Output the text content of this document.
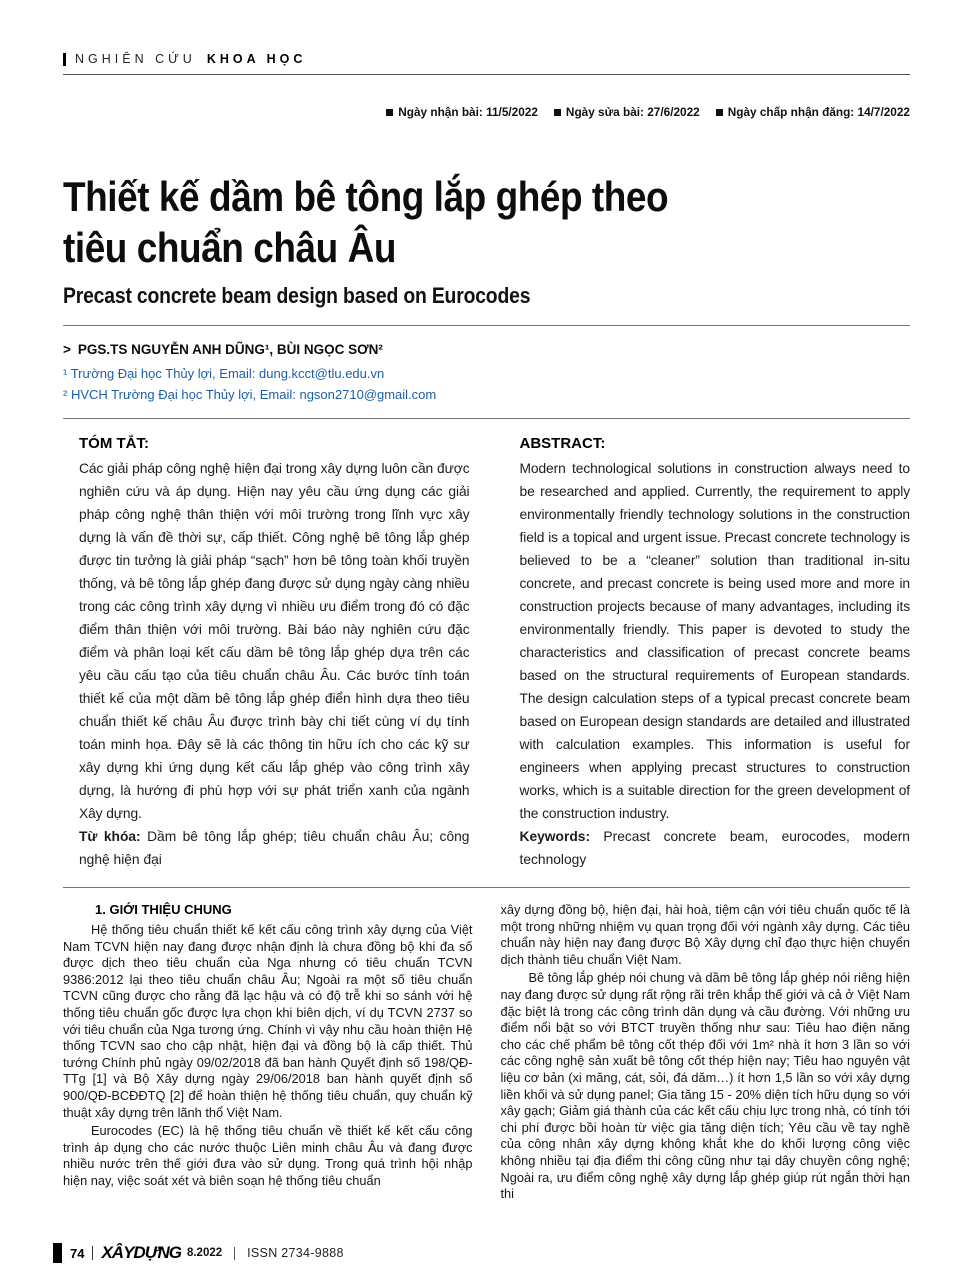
NGHIÊN CỨU KHOA HỌC
Ngày nhận bài: 11/5/2022 Ngày sửa bài: 27/6/2022 Ngày chấp nhận đăng: 14/7/2022
Thiết kế dầm bê tông lắp ghép theo
tiêu chuẩn châu Âu
Precast concrete beam design based on Eurocodes
> PGS.TS NGUYỄN ANH DŨNG¹, BÙI NGỌC SƠN²
¹ Trường Đại học Thủy lợi, Email: dung.kcct@tlu.edu.vn
² HVCH Trường Đại học Thủy lợi, Email: ngson2710@gmail.com
TÓM TẮT:
Các giải pháp công nghệ hiện đại trong xây dựng luôn cần được nghiên cứu và áp dụng. Hiện nay yêu cầu ứng dụng các giải pháp công nghệ thân thiện với môi trường trong lĩnh vực xây dựng là vấn đề thời sự, cấp thiết. Công nghệ bê tông lắp ghép được tin tưởng là giải pháp “sạch” hơn bê tông toàn khối truyền thống, và bê tông lắp ghép đang được sử dụng ngày càng nhiều trong các công trình xây dựng vì nhiều ưu điểm trong đó có đặc điểm thân thiện với môi trường. Bài báo này nghiên cứu đặc điểm và phân loại kết cấu dầm bê tông lắp ghép dựa trên các yêu cầu cấu tạo của tiêu chuẩn châu Âu. Các bước tính toán thiết kế của một dầm bê tông lắp ghép điển hình dựa theo tiêu chuẩn thiết kế châu Âu được trình bày chi tiết cùng ví dụ tính toán minh họa. Đây sẽ là các thông tin hữu ích cho các kỹ sư xây dựng khi ứng dụng kết cấu lắp ghép vào công trình xây dựng, là hướng đi phù hợp với sự phát triển xanh của ngành Xây dựng.
Từ khóa: Dầm bê tông lắp ghép; tiêu chuẩn châu Âu; công nghệ hiện đại
ABSTRACT:
Modern technological solutions in construction always need to be researched and applied. Currently, the requirement to apply environmentally friendly technology solutions in the construction field is a topical and urgent issue. Precast concrete technology is believed to be a “cleaner” solution than traditional in-situ concrete, and precast concrete is being used more and more in construction projects because of many advantages, including its environmentally friendly. This paper is devoted to study the characteristics and classification of precast concrete beams based on the structural requirements of European standards. The design calculation steps of a typical precast concrete beam based on European design standards are detailed and illustrated with calculation examples. This information is useful for engineers when applying precast structures to construction works, which is a suitable direction for the green development of the construction industry.
Keywords: Precast concrete beam, eurocodes, modern technology
1. GIỚI THIỆU CHUNG

Hệ thống tiêu chuẩn thiết kế kết cấu công trình xây dựng của Việt Nam TCVN hiện nay đang được nhận định là chưa đồng bộ khi đa số được dịch theo tiêu chuẩn của Nga nhưng có tiêu chuẩn TCVN 9386:2012 lại theo tiêu chuẩn châu Âu; Ngoài ra một số tiêu chuẩn TCVN cũng được cho rằng đã lạc hậu và có độ trễ khi so sánh với hệ thống tiêu chuẩn gốc được lựa chọn khi biên dịch, ví dụ TCVN 2737 so với tiêu chuẩn của Nga tương ứng. Chính vì vậy nhu cầu hoàn thiện Hệ thống TCVN sao cho cập nhật, hiện đại và đồng bộ là cấp thiết. Thủ tướng Chính phủ ngày 09/02/2018 đã ban hành Quyết định số 198/QĐ-TTg [1] và Bộ Xây dựng ngày 29/06/2018 ban hành quyết định số 900/QĐ-BCĐĐTQ [2] để hoàn thiện hệ thống tiêu chuẩn, quy chuẩn kỹ thuật xây dựng trên lãnh thổ Việt Nam.

Eurocodes (EC) là hệ thống tiêu chuẩn về thiết kế kết cấu công trình áp dụng cho các nước thuộc Liên minh châu Âu và đang được nhiều nước trên thế giới đưa vào sử dụng. Trong quá trình hội nhập hiện nay, việc soát xét và biên soạn hệ thống tiêu chuẩn

xây dựng đồng bộ, hiện đại, hài hoà, tiệm cận với tiêu chuẩn quốc tế là một trong những nhiệm vụ quan trọng đối với ngành xây dựng. Các tiêu chuẩn này hiện nay đang được Bộ Xây dựng chỉ đạo thực hiện chuyển dịch thành tiêu chuẩn Việt Nam.

Bê tông lắp ghép nói chung và dầm bê tông lắp ghép nói riêng hiện nay đang được sử dụng rất rộng rãi trên khắp thế giới và cả ở Việt Nam đặc biệt là trong các công trình dân dụng và cầu đường. Với những ưu điểm nổi bật so với BTCT truyền thống như sau: Tiêu hao điện năng cho các chế phẩm bê tông cốt thép đối với 1m² nhà ít hơn 3 lần so với các công nghệ sản xuất bê tông cốt thép hiện nay; Tiêu hao nguyên vật liệu cơ bản (xi măng, cát, sỏi, đá dăm…) ít hơn 1,5 lần so với xây dựng liền khối và sử dụng panel; Gia tăng 15 - 20% diện tích hữu dụng so với xây gạch; Giảm giá thành của các kết cấu chịu lực trong nhà, có tính tới chi phí được bồi hoàn từ việc gia tăng diện tích; Yêu cầu về tay nghề của công nhân xây dựng không khắt khe do khối lượng công việc không nhiều tại địa điểm thi công cũng như tại dây chuyền công nghệ; Ngoài ra, ưu điểm công nghệ xây dựng lắp ghép giúp rút ngắn thời hạn thi

74 XÂYDỰNG 8.2022 ISSN 2734-9888
